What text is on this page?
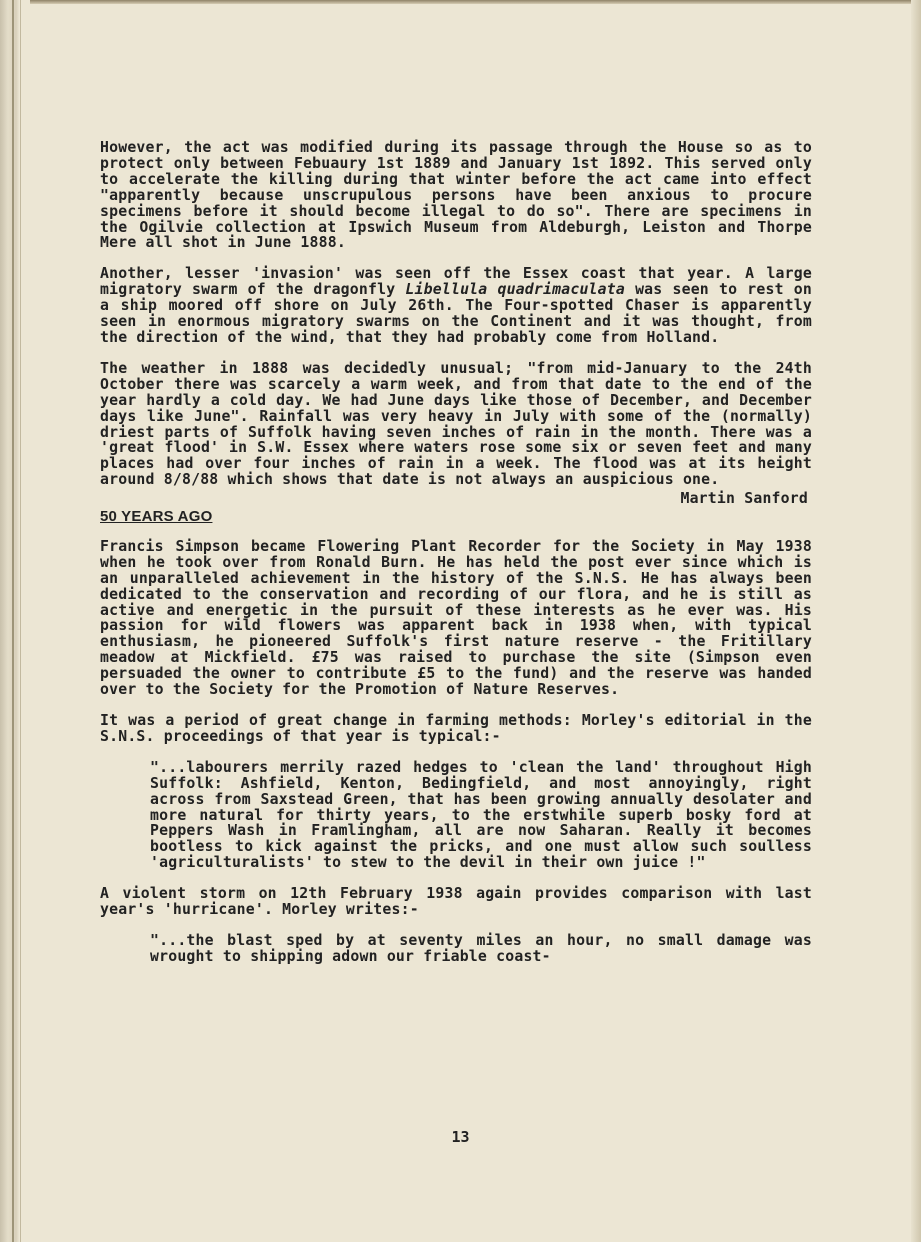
However, the act was modified during its passage through the House so as to protect only between Febuaury 1st 1889 and January 1st 1892. This served only to accelerate the killing during that winter before the act came into effect "apparently because unscrupulous persons have been anxious to procure specimens before it should become illegal to do so". There are specimens in the Ogilvie collection at Ipswich Museum from Aldeburgh, Leiston and Thorpe Mere all shot in June 1888.

Another, lesser 'invasion' was seen off the Essex coast that year. A large migratory swarm of the dragonfly Libellula quadrimaculata was seen to rest on a ship moored off shore on July 26th. The Four-spotted Chaser is apparently seen in enormous migratory swarms on the Continent and it was thought, from the direction of the wind, that they had probably come from Holland.

The weather in 1888 was decidedly unusual; "from mid-January to the 24th October there was scarcely a warm week, and from that date to the end of the year hardly a cold day. We had June days like those of December, and December days like June". Rainfall was very heavy in July with some of the (normally) driest parts of Suffolk having seven inches of rain in the month. There was a 'great flood' in S.W. Essex where waters rose some six or seven feet and many places had over four inches of rain in a week. The flood was at its height around 8/8/88 which shows that date is not always an auspicious one.

Martin Sanford
50 YEARS AGO

Francis Simpson became Flowering Plant Recorder for the Society in May 1938 when he took over from Ronald Burn. He has held the post ever since which is an unparalleled achievement in the history of the S.N.S. He has always been dedicated to the conservation and recording of our flora, and he is still as active and energetic in the pursuit of these interests as he ever was. His passion for wild flowers was apparent back in 1938 when, with typical enthusiasm, he pioneered Suffolk's first nature reserve - the Fritillary meadow at Mickfield. £75 was raised to purchase the site (Simpson even persuaded the owner to contribute £5 to the fund) and the reserve was handed over to the Society for the Promotion of Nature Reserves.

It was a period of great change in farming methods: Morley's editorial in the S.N.S. proceedings of that year is typical:-

"...labourers merrily razed hedges to 'clean the land' throughout High Suffolk: Ashfield, Kenton, Bedingfield, and most annoyingly, right across from Saxstead Green, that has been growing annually desolater and more natural for thirty years, to the erstwhile superb bosky ford at Peppers Wash in Framlingham, all are now Saharan. Really it becomes bootless to kick against the pricks, and one must allow such soulless 'agriculturalists' to stew to the devil in their own juice !"

A violent storm on 12th February 1938 again provides comparison with last year's 'hurricane'. Morley writes:-

"...the blast sped by at seventy miles an hour, no small damage was wrought to shipping adown our friable coast-

13
